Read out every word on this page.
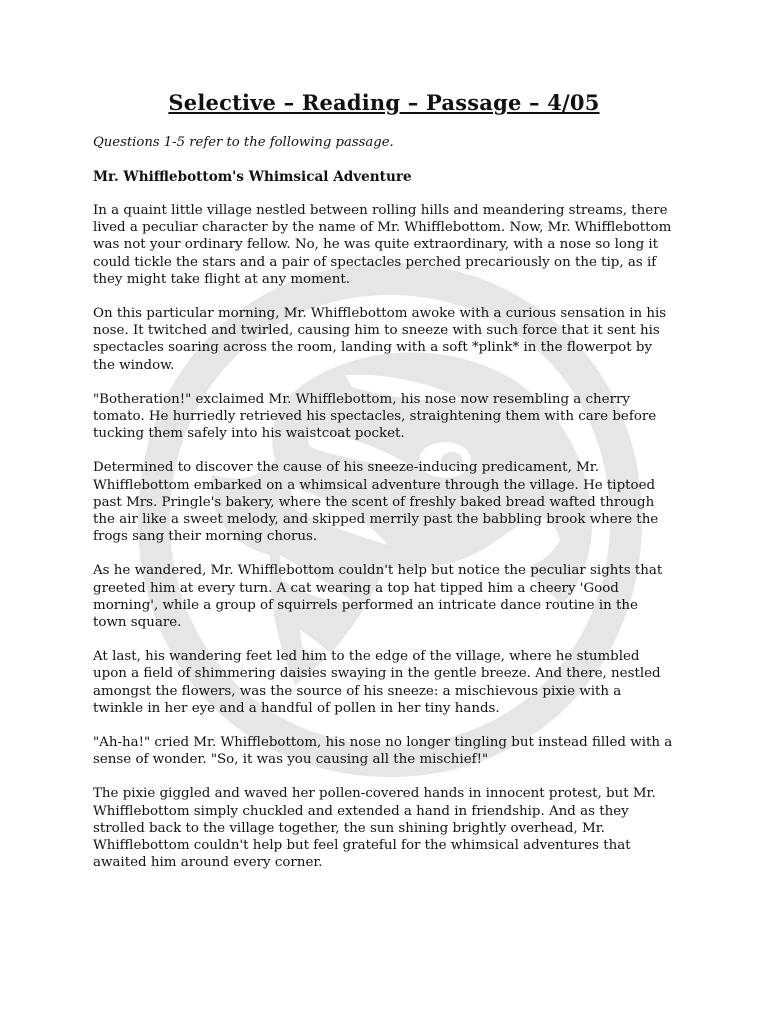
Selective – Reading – Passage – 4/05

Questions 1-5 refer to the following passage.

Mr. Whifflebottom's Whimsical Adventure

In a quaint little village nestled between rolling hills and meandering streams, there lived a peculiar character by the name of Mr. Whifflebottom. Now, Mr. Whifflebottom was not your ordinary fellow. No, he was quite extraordinary, with a nose so long it could tickle the stars and a pair of spectacles perched precariously on the tip, as if they might take flight at any moment.

On this particular morning, Mr. Whifflebottom awoke with a curious sensation in his nose. It twitched and twirled, causing him to sneeze with such force that it sent his spectacles soaring across the room, landing with a soft *plink* in the flowerpot by the window.

"Botheration!" exclaimed Mr. Whifflebottom, his nose now resembling a cherry tomato. He hurriedly retrieved his spectacles, straightening them with care before tucking them safely into his waistcoat pocket.

Determined to discover the cause of his sneeze-inducing predicament, Mr. Whifflebottom embarked on a whimsical adventure through the village. He tiptoed past Mrs. Pringle's bakery, where the scent of freshly baked bread wafted through the air like a sweet melody, and skipped merrily past the babbling brook where the frogs sang their morning chorus.

As he wandered, Mr. Whifflebottom couldn't help but notice the peculiar sights that greeted him at every turn. A cat wearing a top hat tipped him a cheery 'Good morning', while a group of squirrels performed an intricate dance routine in the town square.

At last, his wandering feet led him to the edge of the village, where he stumbled upon a field of shimmering daisies swaying in the gentle breeze. And there, nestled amongst the flowers, was the source of his sneeze: a mischievous pixie with a twinkle in her eye and a handful of pollen in her tiny hands.

"Ah-ha!" cried Mr. Whifflebottom, his nose no longer tingling but instead filled with a sense of wonder. "So, it was you causing all the mischief!"

The pixie giggled and waved her pollen-covered hands in innocent protest, but Mr. Whifflebottom simply chuckled and extended a hand in friendship. And as they strolled back to the village together, the sun shining brightly overhead, Mr. Whifflebottom couldn't help but feel grateful for the whimsical adventures that awaited him around every corner.
